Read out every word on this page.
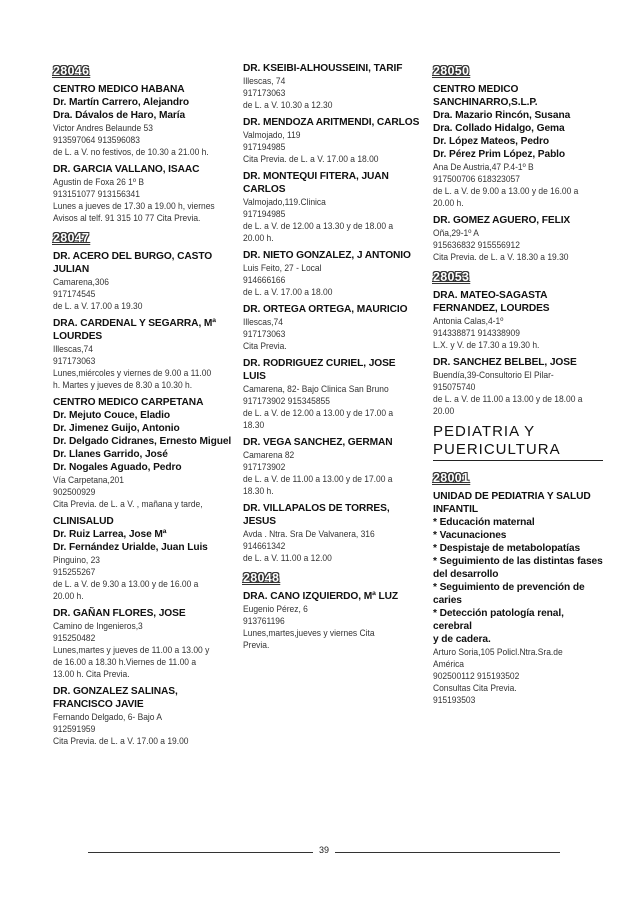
28046

CENTRO MEDICO HABANA
Dr. Martín Carrero, Alejandro
Dra. Dávalos de Haro, María
Victor Andres Belaunde 53
913597064 913596083
de L. a V. no festivos, de 10.30 a 21.00 h.
DR. GARCIA VALLANO, ISAAC
Agustin de Foxa 26 1º B
913151077 913156341
Lunes a jueves de 17.30 a 19.00 h, viernes
Avisos al telf. 91 315 10 77 Cita Previa.
28047

DR. ACERO DEL BURGO, CASTO
JULIAN
Camarena,306
917174545
de L. a V. 17.00 a 19.30
DRA. CARDENAL Y SEGARRA, Mª
LOURDES
Illescas,74
917173063
Lunes,miércoles y viernes de 9.00 a 11.00
h. Martes y jueves de 8.30 a 10.30 h.
CENTRO MEDICO CARPETANA
Dr. Mejuto Couce, Eladio
Dr. Jimenez Guijo, Antonio
Dr. Delgado Cidranes, Ernesto Miguel
Dr. Llanes Garrido, José
Dr. Nogales Aguado, Pedro
Vía Carpetana,201
902500929
Cita Previa. de L. a V. , mañana y tarde,
CLINISALUD
Dr. Ruiz Larrea, Jose Mª
Dr. Fernández Urialde, Juan Luis
Pinguino, 23
915255267
de L. a V. de 9.30 a 13.00 y de 16.00 a
20.00 h.
DR. GAÑAN FLORES, JOSE
Camino de Ingenieros,3
915250482
Lunes,martes y jueves de 11.00 a 13.00 y
de 16.00 a 18.30 h.Viernes de 11.00 a
13.00 h. Cita Previa.
DR. GONZALEZ SALINAS,
FRANCISCO JAVIE
Fernando Delgado, 6- Bajo A
912591959
Cita Previa. de L. a V. 17.00 a 19.00
DR. KSEIBI-ALHOUSSEINI, TARIF
Illescas, 74
917173063
de L. a V. 10.30 a 12.30
DR. MENDOZA ARITMENDI, CARLOS
Valmojado, 119
917194985
Cita Previa. de L. a V. 17.00 a 18.00
DR. MONTEQUI FITERA, JUAN
CARLOS
Valmojado,119.Clinica
917194985
de L. a V. de 12.00 a 13.30 y de 18.00 a
20.00 h.
DR. NIETO GONZALEZ, J ANTONIO
Luis Feito, 27 - Local
914666166
de L. a V. 17.00 a 18.00
DR. ORTEGA ORTEGA, MAURICIO
Illescas,74
917173063
Cita Previa.
DR. RODRIGUEZ CURIEL, JOSE LUIS
Camarena, 82- Bajo Clinica San Bruno
917173902 915345855
de L. a V. de 12.00 a 13.00 y de 17.00 a
18.30
DR. VEGA SANCHEZ, GERMAN
Camarena 82
917173902
de L. a V. de 11.00 a 13.00 y de 17.00 a
18.30 h.
DR. VILLAPALOS DE TORRES, JESUS
Avda . Ntra. Sra De Valvanera, 316
914661342
de L. a V. 11.00 a 12.00
28048

DRA. CANO IZQUIERDO, Mª LUZ
Eugenio Pérez, 6
913761196
Lunes,martes,jueves y viernes Cita
Previa.
28050

CENTRO MEDICO
SANCHINARRO,S.L.P.
Dra. Mazario Rincón, Susana
Dra. Collado Hidalgo, Gema
Dr. López Mateos, Pedro
Dr. Pérez Prim López, Pablo
Ana De Austria,47 P.4-1º B
917500706 618323057
de L. a V. de 9.00 a 13.00 y de 16.00 a
20.00 h.
DR. GOMEZ AGUERO, FELIX
Oña,29-1º A
915636832 915556912
Cita Previa. de L. a V. 18.30 a 19.30
28053

DRA. MATEO-SAGASTA
FERNANDEZ, LOURDES
Antonia Calas,4-1º
914338871 914338909
L.X. y V. de 17.30 a 19.30 h.
DR. SANCHEZ BELBEL, JOSE
Buendía,39-Consultorio El Pilar-
915075740
de L. a V. de 11.00 a 13.00 y de 18.00 a
20.00
PEDIATRIA Y
PUERICULTURA
28001

UNIDAD DE PEDIATRIA Y SALUD
INFANTIL
* Educación maternal
* Vacunaciones
* Despistaje de metabolopatías
* Seguimiento de las distintas fases
del desarrollo
* Seguimiento de prevención de
caries
* Detección patología renal, cerebral
y de cadera.
Arturo Soria,105 Policl.Ntra.Sra.de
América
902500112 915193502
Consultas Cita Previa.
915193503
39
